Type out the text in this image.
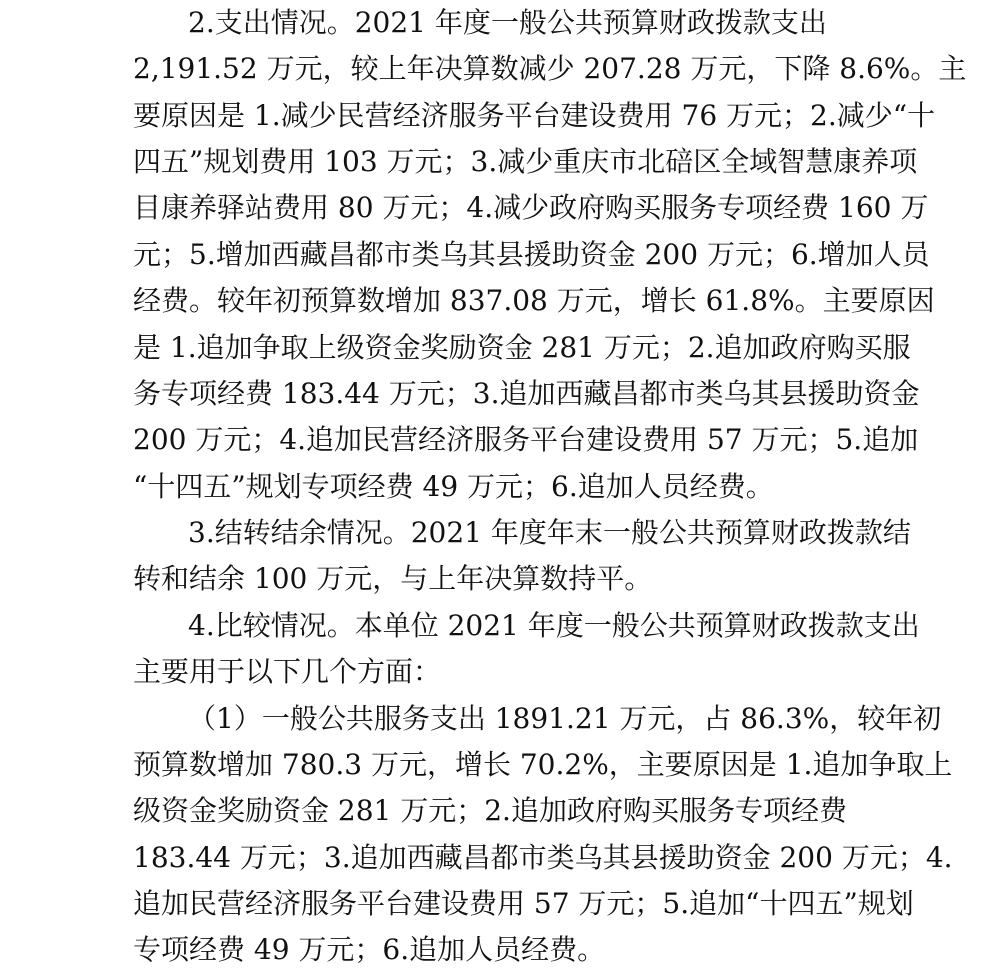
2.支出情况。2021 年度一般公共预算财政拨款支出

2,191.52 万元，较上年决算数减少 207.28 万元，下降 8.6%。主

要原因是 1.减少民营经济服务平台建设费用 76 万元；2.减少“十

四五”规划费用 103 万元；3.减少重庆市北碚区全域智慧康养项

目康养驿站费用 80 万元；4.减少政府购买服务专项经费 160 万

元；5.增加西藏昌都市类乌其县援助资金 200 万元；6.增加人员

经费。较年初预算数增加 837.08 万元，增长 61.8%。主要原因

是 1.追加争取上级资金奖励资金 281 万元；2.追加政府购买服

务专项经费 183.44 万元；3.追加西藏昌都市类乌其县援助资金

200 万元；4.追加民营经济服务平台建设费用 57 万元；5.追加

“十四五”规划专项经费 49 万元；6.追加人员经费。

3.结转结余情况。2021 年度年末一般公共预算财政拨款结

转和结余 100 万元，与上年决算数持平。

4.比较情况。本单位 2021 年度一般公共预算财政拨款支出

主要用于以下几个方面：

（1）一般公共服务支出 1891.21 万元，占 86.3%，较年初

预算数增加 780.3 万元，增长 70.2%，主要原因是 1.追加争取上

级资金奖励资金 281 万元；2.追加政府购买服务专项经费

183.44 万元；3.追加西藏昌都市类乌其县援助资金 200 万元；4.

追加民营经济服务平台建设费用 57 万元；5.追加“十四五”规划

专项经费 49 万元；6.追加人员经费。
